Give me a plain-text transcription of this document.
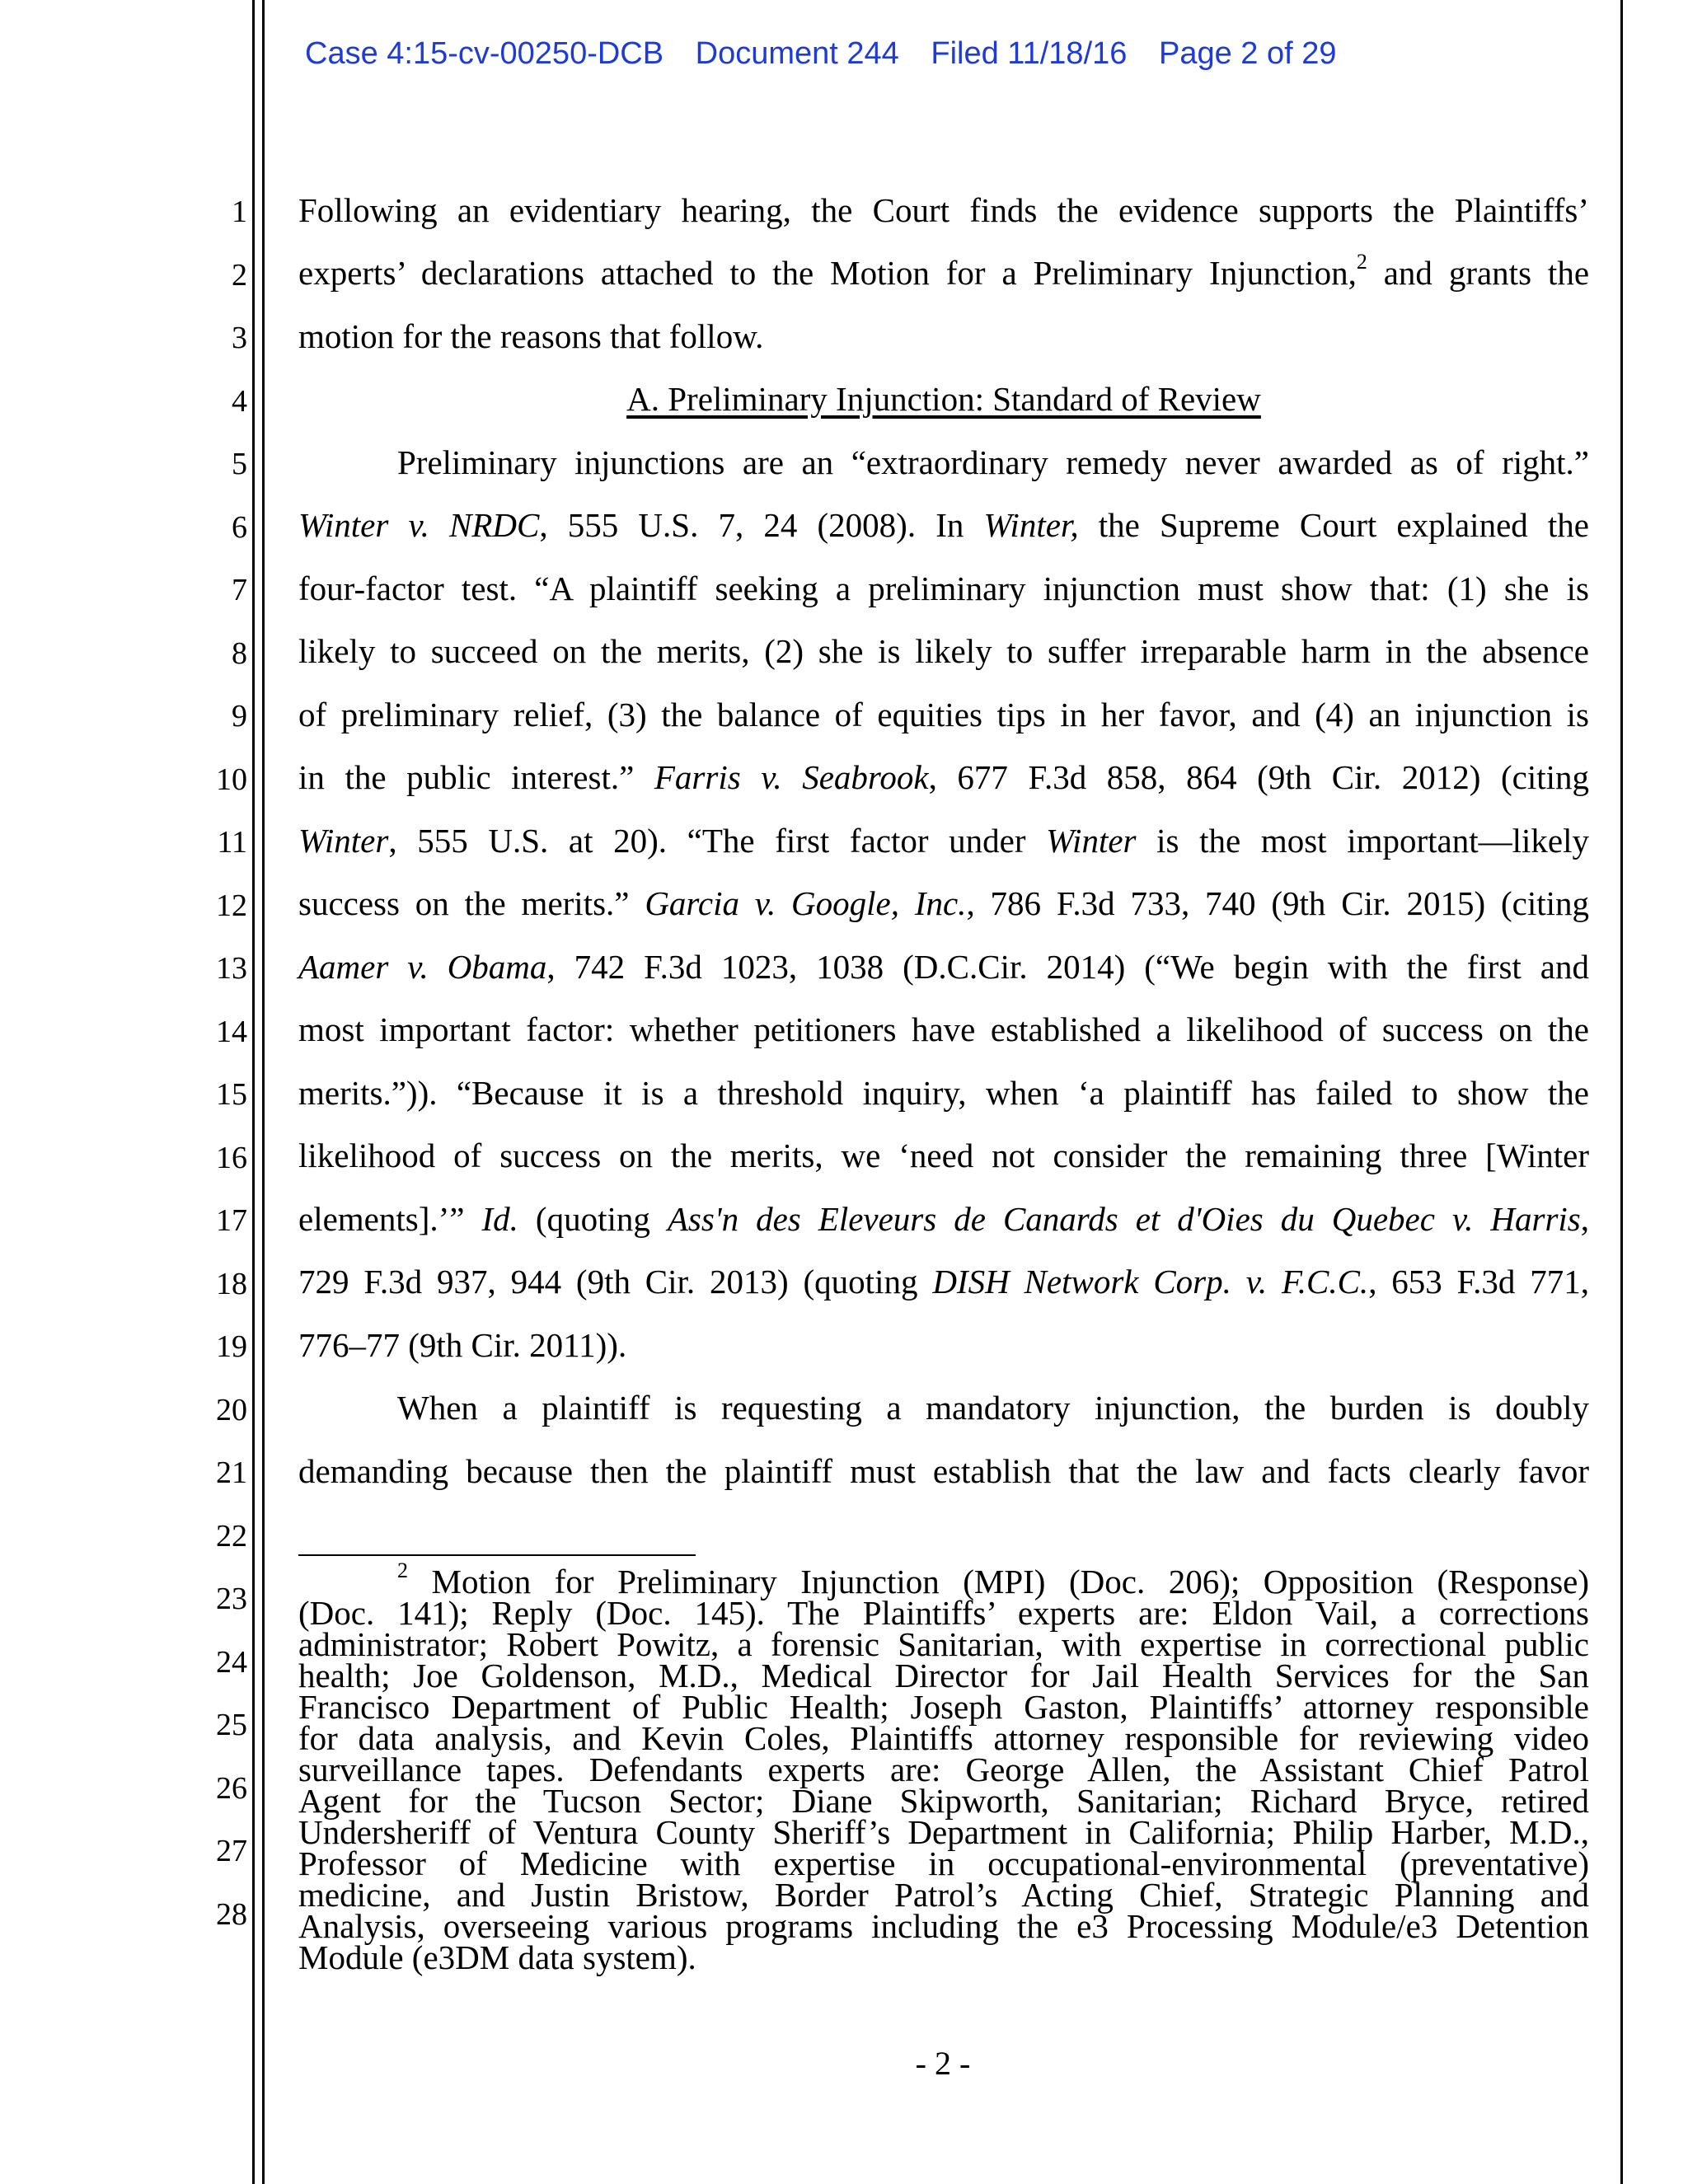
Case 4:15-cv-00250-DCB Document 244 Filed 11/18/16 Page 2 of 29
1
2
3
4
5
6
7
8
9
10
11
12
13
14
15
16
17
18
19
20
21
22
23
24
25
26
27
28
Following an evidentiary hearing, the Court finds the evidence supports the Plaintiffs’
experts’ declarations attached to the Motion for a Preliminary Injunction,$^2$ and grants the
motion for the reasons that follow.
A. Preliminary Injunction: Standard of Review
Preliminary injunctions are an “extraordinary remedy never awarded as of right.”
Winter v. NRDC, 555 U.S. 7, 24 (2008). In Winter, the Supreme Court explained the
four-factor test. “A plaintiff seeking a preliminary injunction must show that: (1) she is
likely to succeed on the merits, (2) she is likely to suffer irreparable harm in the absence
of preliminary relief, (3) the balance of equities tips in her favor, and (4) an injunction is
in the public interest.” Farris v. Seabrook, 677 F.3d 858, 864 (9th Cir. 2012) (citing
Winter, 555 U.S. at 20). “The first factor under Winter is the most important—likely
success on the merits.” Garcia v. Google, Inc., 786 F.3d 733, 740 (9th Cir. 2015) (citing
Aamer v. Obama, 742 F.3d 1023, 1038 (D.C.Cir. 2014) (“We begin with the first and
most important factor: whether petitioners have established a likelihood of success on the
merits.”)). “Because it is a threshold inquiry, when ‘a plaintiff has failed to show the
likelihood of success on the merits, we ‘need not consider the remaining three [Winter
elements].’” Id. (quoting Ass'n des Eleveurs de Canards et d'Oies du Quebec v. Harris,
729 F.3d 937, 944 (9th Cir. 2013) (quoting DISH Network Corp. v. F.C.C., 653 F.3d 771,
776–77 (9th Cir. 2011)).
When a plaintiff is requesting a mandatory injunction, the burden is doubly
demanding because then the plaintiff must establish that the law and facts clearly favor
$^2$ Motion for Preliminary Injunction (MPI) (Doc. 206); Opposition (Response)
(Doc. 141); Reply (Doc. 145). The Plaintiffs’ experts are: Eldon Vail, a corrections
administrator; Robert Powitz, a forensic Sanitarian, with expertise in correctional public
health; Joe Goldenson, M.D., Medical Director for Jail Health Services for the San
Francisco Department of Public Health; Joseph Gaston, Plaintiffs’ attorney responsible
for data analysis, and Kevin Coles, Plaintiffs attorney responsible for reviewing video
surveillance tapes. Defendants experts are: George Allen, the Assistant Chief Patrol
Agent for the Tucson Sector; Diane Skipworth, Sanitarian; Richard Bryce, retired
Undersheriff of Ventura County Sheriff’s Department in California; Philip Harber, M.D.,
Professor of Medicine with expertise in occupational-environmental (preventative)
medicine, and Justin Bristow, Border Patrol’s Acting Chief, Strategic Planning and
Analysis, overseeing various programs including the e3 Processing Module/e3 Detention
Module (e3DM data system).
- 2 -
